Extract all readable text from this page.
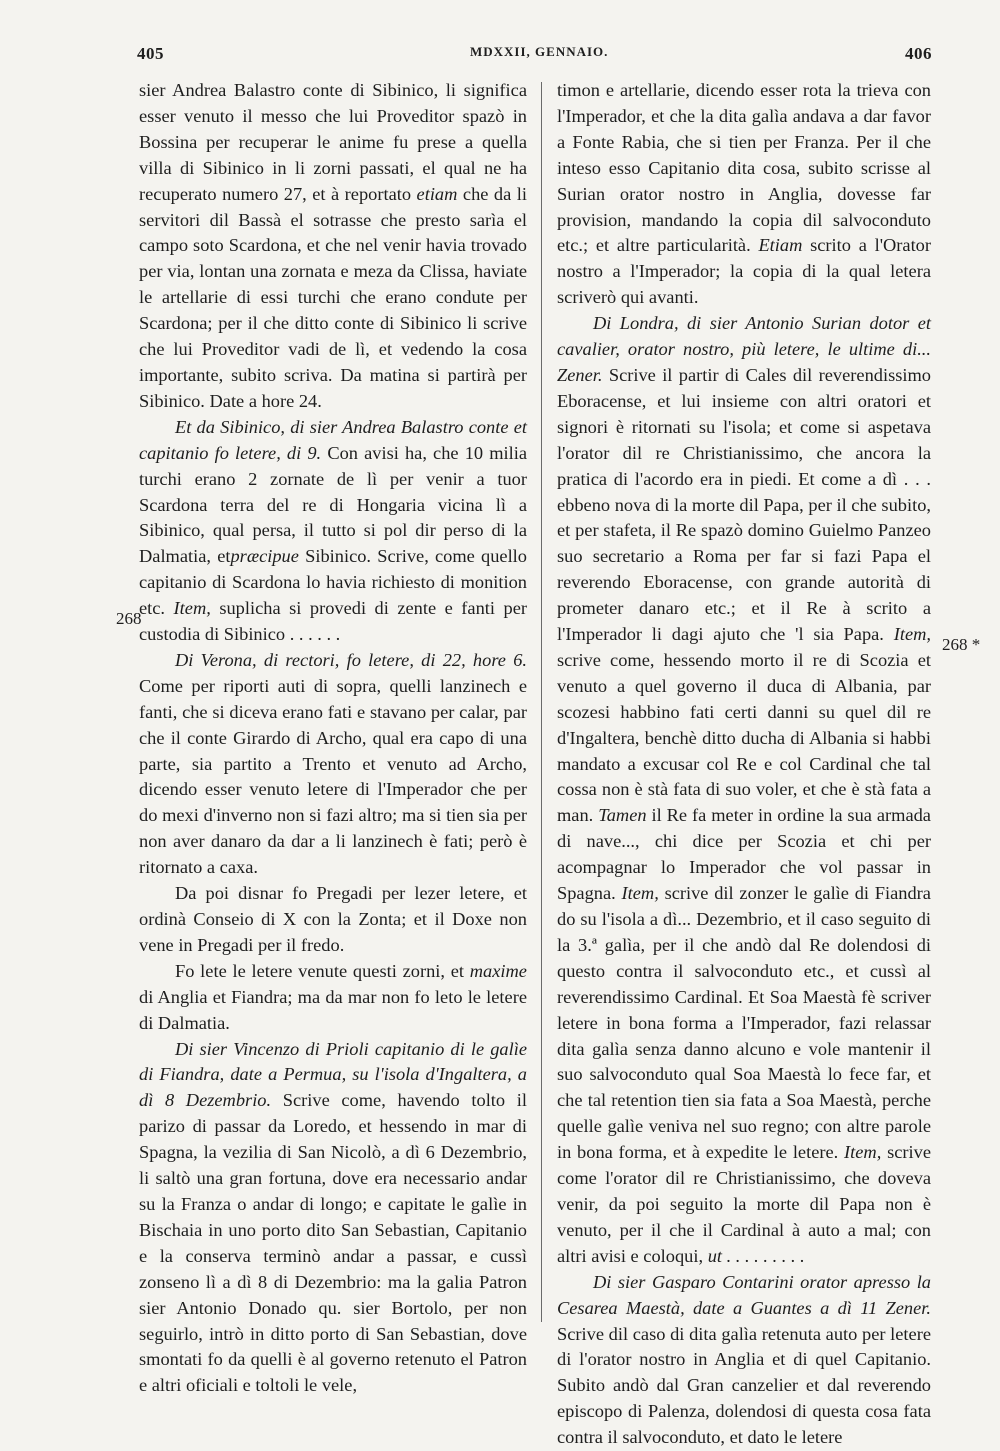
405	MDXXII, GENNAIO.	406
268
268 *

sier Andrea Balastro conte di Sibinico, li significa esser venuto il messo che lui Proveditor spazò in Bossina per recuperar le anime fu prese a quella villa di Sibinico in li zorni passati, el qual ne ha recuperato numero 27, et à reportato etiam che da li servitori dil Bassà el sotrasse che presto sarìa el campo soto Scardona, et che nel venir havia trovado per via, lontan una zornata e meza da Clissa, haviate le artellarie di essi turchi che erano condute per Scardona; per il che ditto conte di Sibinico li scrive che lui Proveditor vadi de lì, et vedendo la cosa importante, subito scriva. Da matina si partirà per Sibinico. Date a hore 24.

Et da Sibinico, di sier Andrea Balastro conte et capitanio fo letere, di 9. Con avisi ha, che 10 milia turchi erano 2 zornate de lì per venir a tuor Scardona terra del re di Hongaria vicina lì a Sibinico, qual persa, il tutto si pol dir perso di la Dalmatia, etpræcipue Sibinico. Scrive, come quello capitanio di Scardona lo havia richiesto di monition etc. Item, suplicha si provedi di zente e fanti per custodia di Sibinico . . . . . .

Di Verona, di rectori, fo letere, di 22, hore 6. Come per riporti auti di sopra, quelli lanzinech e fanti, che si diceva erano fati e stavano per calar, par che il conte Girardo di Archo, qual era capo di una parte, sia partito a Trento et venuto ad Archo, dicendo esser venuto letere di l'Imperador che per do mexi d'inverno non si fazi altro; ma si tien sia per non aver danaro da dar a li lanzinech è fati; però è ritornato a caxa.

Da poi disnar fo Pregadi per lezer letere, et ordinà Conseio di X con la Zonta; et il Doxe non vene in Pregadi per il fredo.

Fo lete le letere venute questi zorni, et maxime di Anglia et Fiandra; ma da mar non fo leto le letere di Dalmatia.

Di sier Vincenzo di Prioli capitanio di le galìe di Fiandra, date a Permua, su l'isola d'Ingaltera, a dì 8 Dezembrio. Scrive come, havendo tolto il parizo di passar da Loredo, et hessendo in mar di Spagna, la vezilia di San Nicolò, a dì 6 Dezembrio, li saltò una gran fortuna, dove era necessario andar su la Franza o andar di longo; e capitate le galìe in Bischaia in uno porto dito San Sebastian, Capitanio e la conserva terminò andar a passar, e cussì zonseno lì a dì 8 di Dezembrio: ma la galia Patron sier Antonio Donado qu. sier Bortolo, per non seguirlo, intrò in ditto porto di San Sebastian, dove smontati fo da quelli è al governo retenuto el Patron e altri oficiali e toltoli le vele,

timon e artellarie, dicendo esser rota la trieva con l'Imperador, et che la dita galìa andava a dar favor a Fonte Rabia, che si tien per Franza. Per il che inteso esso Capitanio dita cosa, subito scrisse al Surian orator nostro in Anglia, dovesse far provision, mandando la copia dil salvoconduto etc.; et altre particularità. Etiam scrito a l'Orator nostro a l'Imperador; la copia di la qual letera scriverò qui avanti.

Di Londra, di sier Antonio Surian dotor et cavalier, orator nostro, più letere, le ultime di... Zener. Scrive il partir di Cales dil reverendissimo Eboracense, et lui insieme con altri oratori et signori è ritornati su l'isola; et come si aspetava l'orator dil re Christianissimo, che ancora la pratica di l'acordo era in piedi. Et come a dì . . . ebbeno nova di la morte dil Papa, per il che subito, et per stafeta, il Re spazò domino Guielmo Panzeo suo secretario a Roma per far si fazi Papa el reverendo Eboracense, con grande autorità di prometer danaro etc.; et il Re à scrito a l'Imperador li dagi ajuto che 'l sia Papa. Item, scrive come, hessendo morto il re di Scozia et venuto a quel governo il duca di Albania, par scozesi habbino fati certi danni su quel dil re d'Ingaltera, benchè ditto ducha di Albania si habbi mandato a excusar col Re e col Cardinal che tal cossa non è stà fata di suo voler, et che è stà fata a man. Tamen il Re fa meter in ordine la sua armada di nave..., chi dice per Scozia et chi per acompagnar lo Imperador che vol passar in Spagna. Item, scrive dil zonzer le galìe di Fiandra do su l'isola a dì... Dezembrio, et il caso seguito di la 3.ª galìa, per il che andò dal Re dolendosi di questo contra il salvoconduto etc., et cussì al reverendissimo Cardinal. Et Soa Maestà fè scriver letere in bona forma a l'Imperador, fazi relassar dita galìa senza danno alcuno e vole mantenir il suo salvoconduto qual Soa Maestà lo fece far, et che tal retention tien sia fata a Soa Maestà, perche quelle galìe veniva nel suo regno; con altre parole in bona forma, et à expedite le letere. Item, scrive come l'orator dil re Christianissimo, che doveva venir, da poi seguito la morte dil Papa non è venuto, per il che il Cardinal à auto a mal; con altri avisi e coloqui, ut . . . . . . . . .

Di sier Gasparo Contarini orator apresso la Cesarea Maestà, date a Guantes a dì 11 Zener. Scrive dil caso di dita galìa retenuta auto per letere di l'orator nostro in Anglia et di quel Capitanio. Subito andò dal Gran canzelier et dal reverendo episcopo di Palenza, dolendosi di questa cosa fata contra il salvoconduto, et dato le letere
